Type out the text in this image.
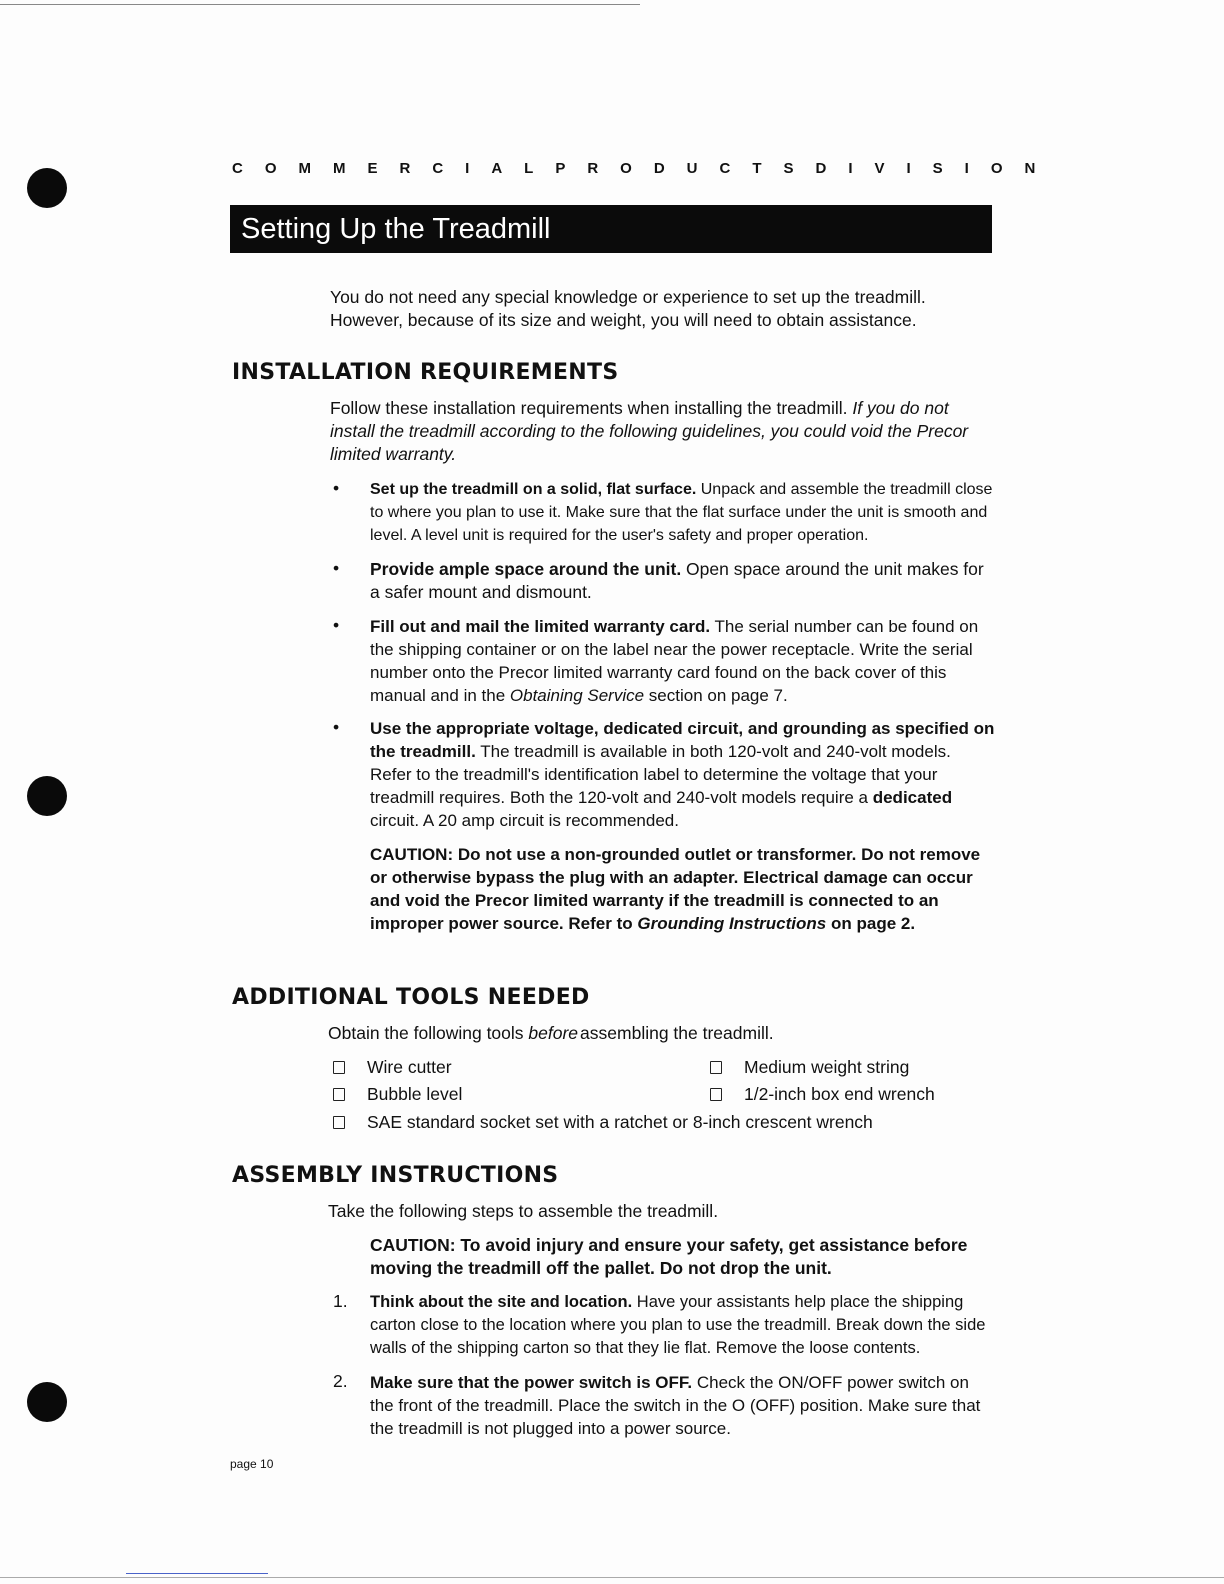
COMMERCIAL PRODUCTS DIVISION
Setting Up the Treadmill
You do not need any special knowledge or experience to set up the treadmill. However, because of its size and weight, you will need to obtain assistance.
INSTALLATION REQUIREMENTS
Follow these installation requirements when installing the treadmill. If you do not install the treadmill according to the following guidelines, you could void the Precor limited warranty.
• Set up the treadmill on a solid, flat surface. Unpack and assemble the treadmill close to where you plan to use it. Make sure that the flat surface under the unit is smooth and level. A level unit is required for the user's safety and proper operation.
• Provide ample space around the unit. Open space around the unit makes for a safer mount and dismount.
• Fill out and mail the limited warranty card. The serial number can be found on the shipping container or on the label near the power receptacle. Write the serial number onto the Precor limited warranty card found on the back cover of this manual and in the Obtaining Service section on page 7.
• Use the appropriate voltage, dedicated circuit, and grounding as specified on the treadmill. The treadmill is available in both 120-volt and 240-volt models. Refer to the treadmill's identification label to determine the voltage that your treadmill requires. Both the 120-volt and 240-volt models require a dedicated circuit. A 20 amp circuit is recommended.
CAUTION: Do not use a non-grounded outlet or transformer. Do not remove or otherwise bypass the plug with an adapter. Electrical damage can occur and void the Precor limited warranty if the treadmill is connected to an improper power source. Refer to Grounding Instructions on page 2.
ADDITIONAL TOOLS NEEDED
Obtain the following tools before assembling the treadmill.
Wire cutter	Medium weight string
Bubble level	1/2-inch box end wrench
SAE standard socket set with a ratchet or 8-inch crescent wrench
ASSEMBLY INSTRUCTIONS
Take the following steps to assemble the treadmill.
CAUTION: To avoid injury and ensure your safety, get assistance before moving the treadmill off the pallet. Do not drop the unit.
1. Think about the site and location. Have your assistants help place the shipping carton close to the location where you plan to use the treadmill. Break down the side walls of the shipping carton so that they lie flat. Remove the loose contents.
2. Make sure that the power switch is OFF. Check the ON/OFF power switch on the front of the treadmill. Place the switch in the O (OFF) position. Make sure that the treadmill is not plugged into a power source.
page 10
